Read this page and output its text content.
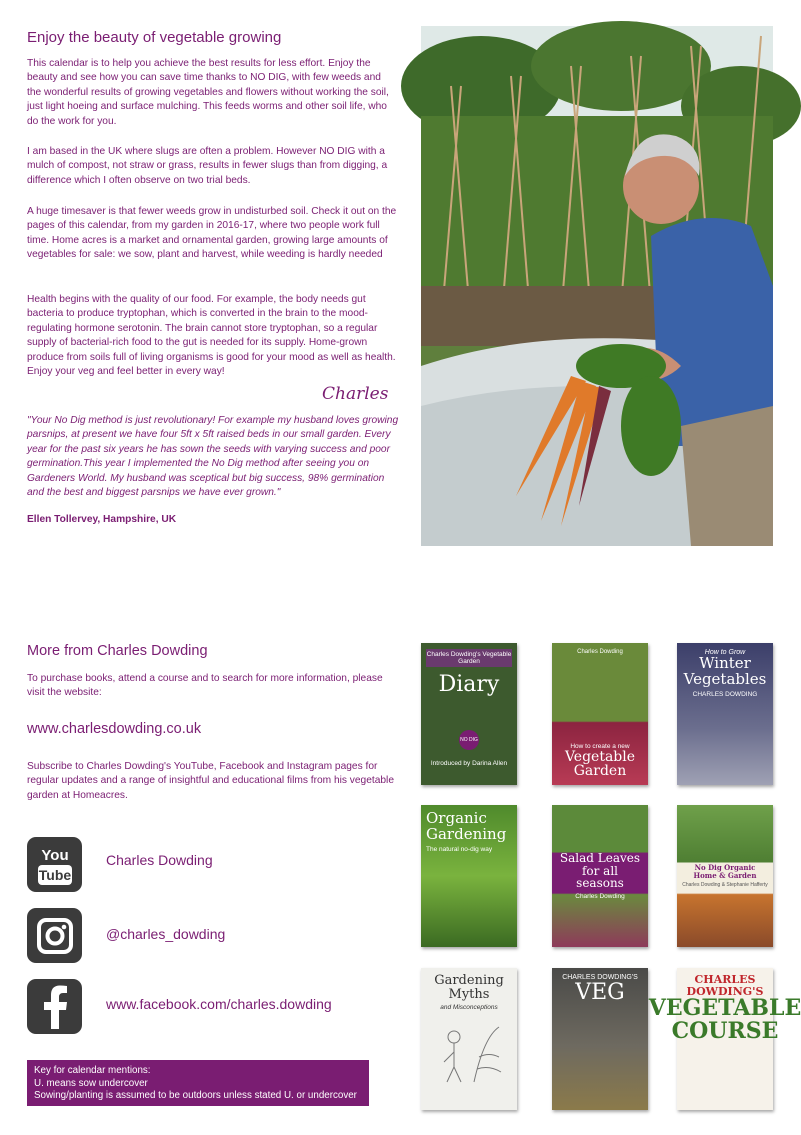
Enjoy the beauty of vegetable growing

This calendar is to help you achieve the best results for less effort. Enjoy the beauty and see how you can save time thanks to NO DIG, with few weeds and the wonderful results of growing vegetables and flowers without working the soil, just light hoeing and surface mulching. This feeds worms and other soil life, who do the work for you.

I am based in the UK where slugs are often a problem. However NO DIG with a mulch of compost, not straw or grass, results in fewer slugs than from digging, a difference which I often observe on two trial beds.

A huge timesaver is that fewer weeds grow in undisturbed soil. Check it out on the pages of this calendar, from my garden in 2016-17, where two people work full time. Home acres is a market and ornamental garden, growing large amounts of vegetables for sale: we sow, plant and harvest, while weeding is hardly needed

Health begins with the quality of our food. For example, the body needs gut bacteria to produce tryptophan, which is converted in the brain to the mood-regulating hormone serotonin. The brain cannot store tryptophan, so a regular supply of bacterial-rich food to the gut is needed for its supply. Home-grown produce from soils full of living organisms is good for your mood as well as health. Enjoy your veg and feel better in every way!

Charles

"Your No Dig method is just revolutionary! For example my husband loves growing parsnips, at present we have four 5ft x 5ft raised beds in our small garden. Every year for the past six years he has sown the seeds with varying success and poor germination.This year I implemented the No Dig method after seeing you on Gardeners World. My husband was sceptical but big success, 98% germination and the best and biggest parsnips we have ever grown."

Ellen Tollervey, Hampshire, UK

More from Charles Dowding

To purchase books, attend a course and to search for more information, please visit the website:

www.charlesdowding.co.uk

Subscribe to Charles Dowding's YouTube, Facebook and Instagram pages for regular updates and a range of insightful and educational films from his vegetable garden at Homeacres.

You
Tube
Charles Dowding
@charles_dowding
www.facebook.com/charles.dowding

Key for calendar mentions:

U. means sow undercover

Sowing/planting is assumed to be outdoors unless stated U. or undercover

Charles Dowding's Vegetable Garden
Diary
NO DIG
Introduced by Darina Allen
Charles Dowding
How to create a new
Vegetable Garden
How to Grow
Winter Vegetables
CHARLES DOWDING
Organic Gardening
The natural no-dig way
Salad Leaves for all seasons
Charles Dowding
No Dig Organic Home & Garden
Charles Dowding & Stephanie Hafferty
Gardening Myths
and Misconceptions
CHARLES DOWDING'S
VEG
CHARLES DOWDING'S
VEGETABLE COURSE
